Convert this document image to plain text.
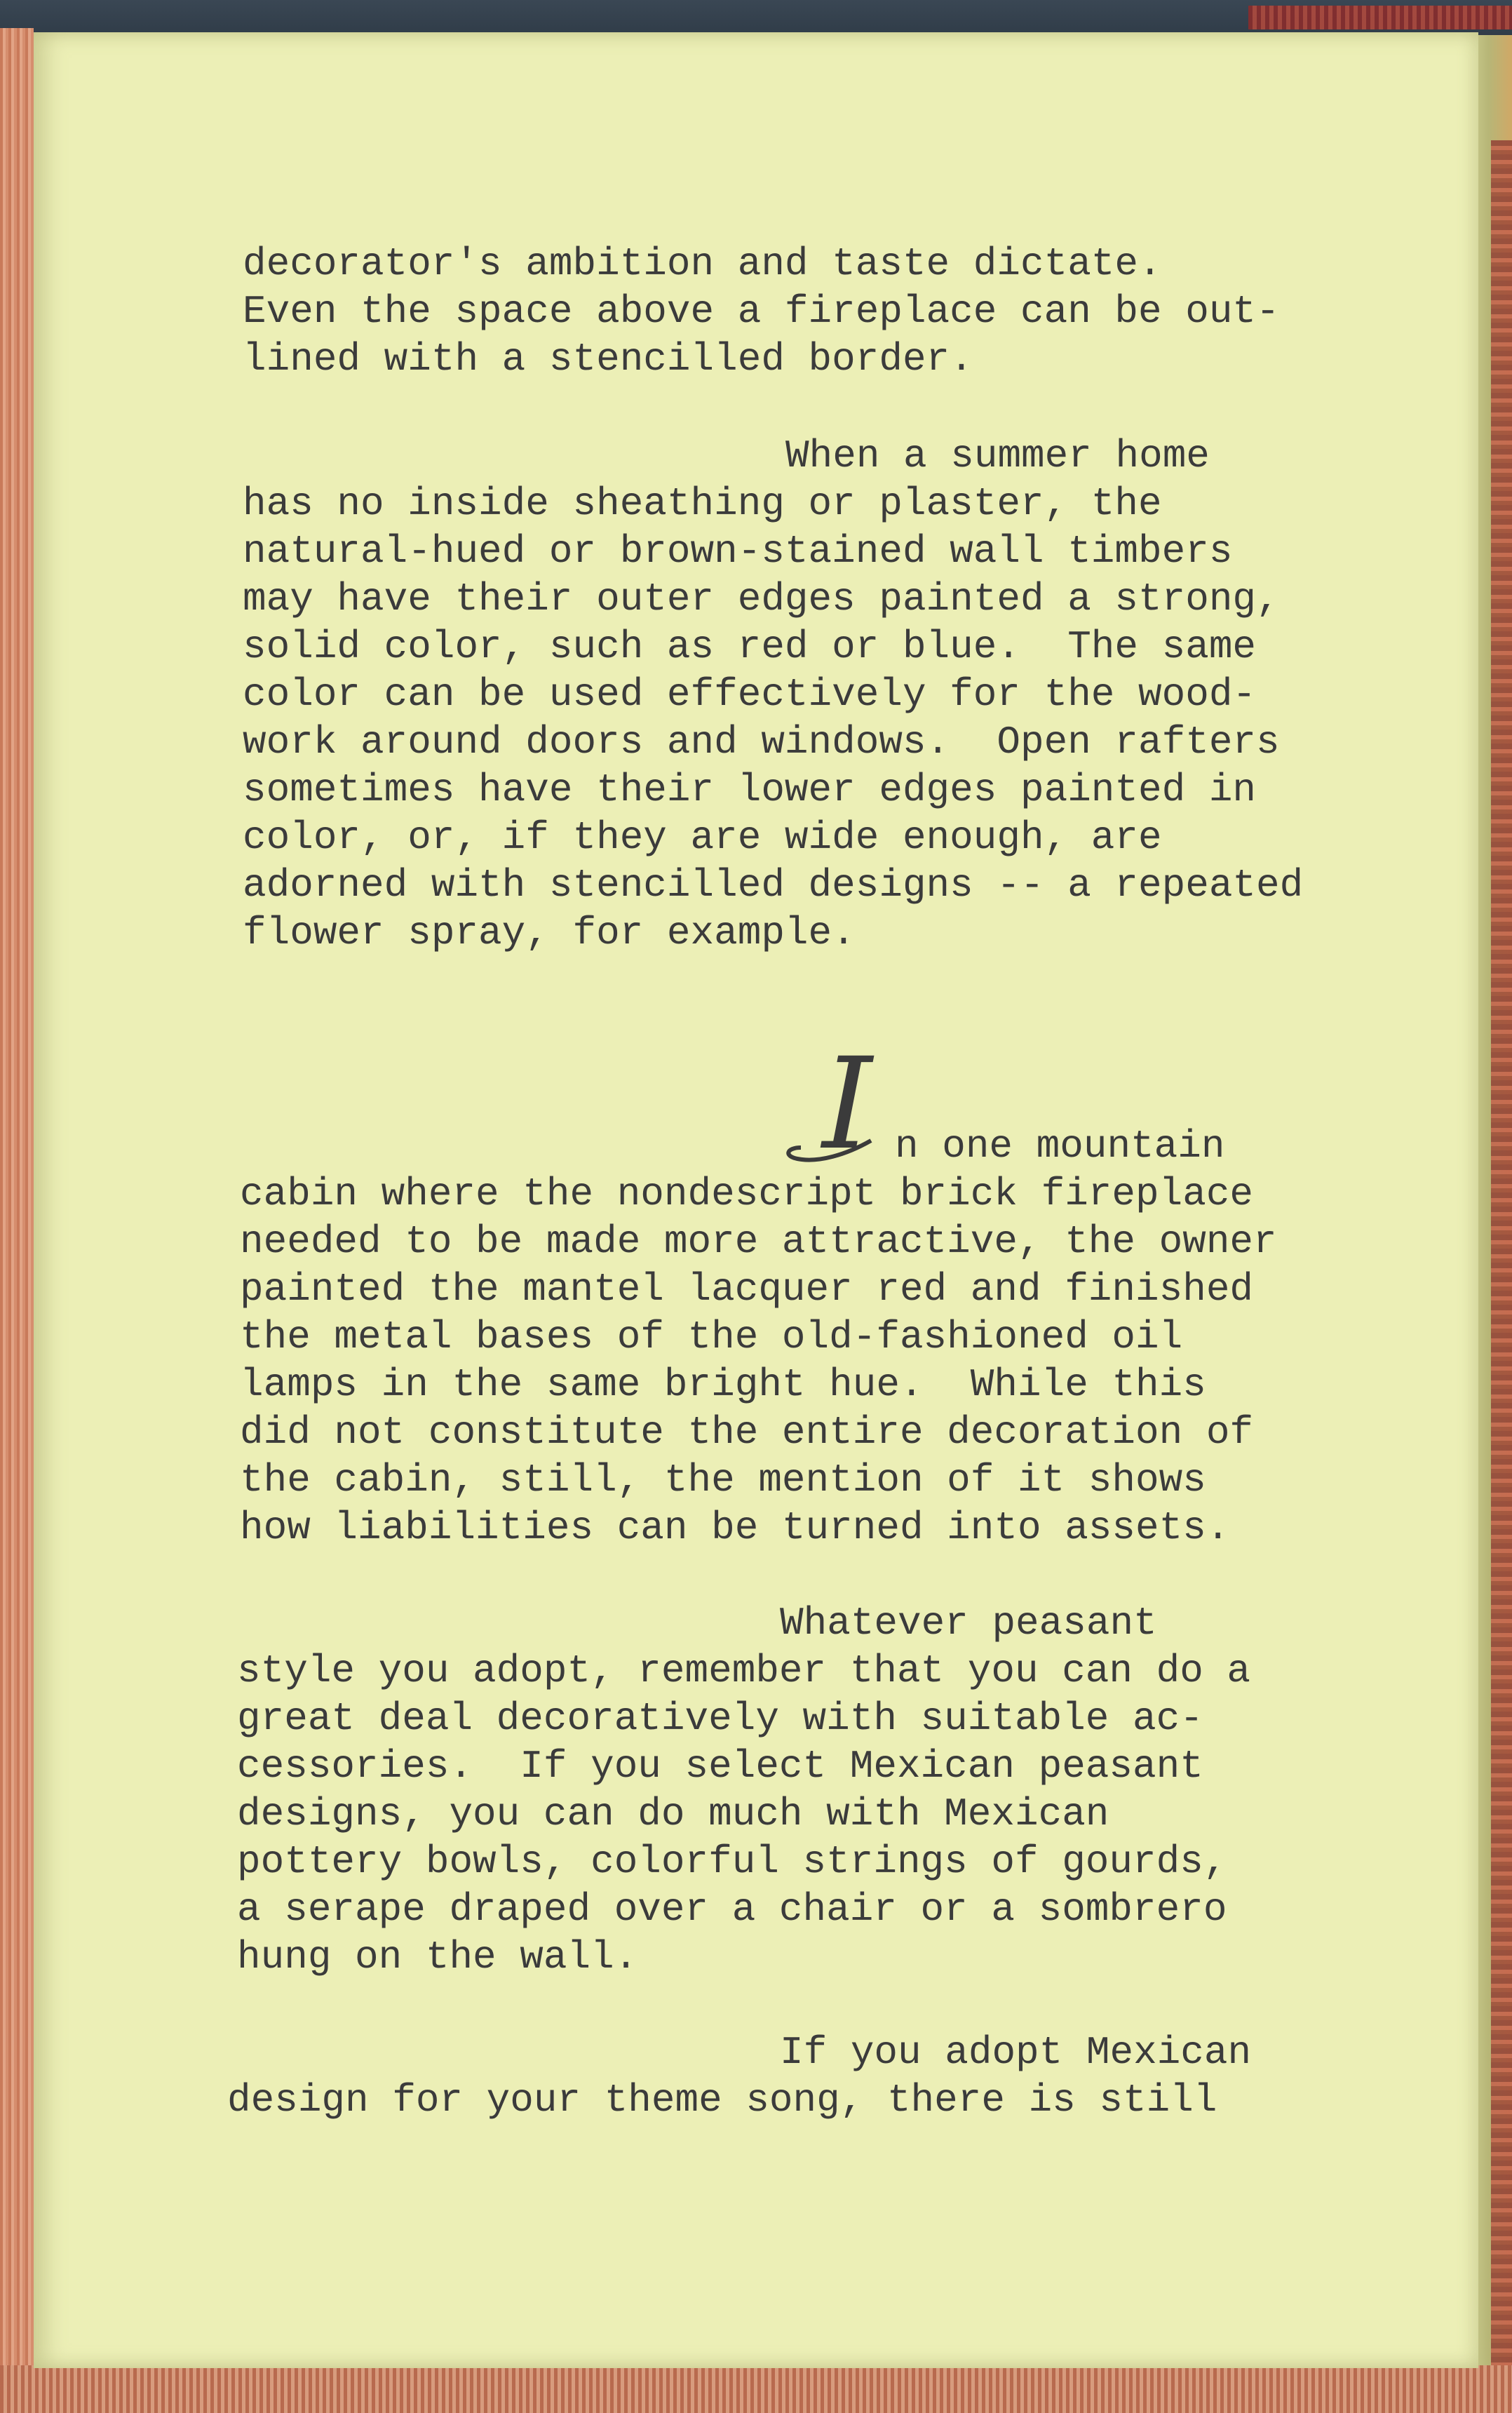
decorator's ambition and taste dictate.
Even the space above a fireplace can be out-
lined with a stencilled border.
When a summer home
has no inside sheathing or plaster, the
natural-hued or brown-stained wall timbers
may have their outer edges painted a strong,
solid color, such as red or blue.  The same
color can be used effectively for the wood-
work around doors and windows.  Open rafters
sometimes have their lower edges painted in
color, or, if they are wide enough, are
adorned with stencilled designs -- a repeated
flower spray, for example.
I n one mountain
cabin where the nondescript brick fireplace
needed to be made more attractive, the owner
painted the mantel lacquer red and finished
the metal bases of the old-fashioned oil
lamps in the same bright hue.  While this
did not constitute the entire decoration of
the cabin, still, the mention of it shows
how liabilities can be turned into assets.
Whatever peasant
style you adopt, remember that you can do a
great deal decoratively with suitable ac-
cessories.  If you select Mexican peasant
designs, you can do much with Mexican
pottery bowls, colorful strings of gourds,
a serape draped over a chair or a sombrero
hung on the wall.
If you adopt Mexican
design for your theme song, there is still
